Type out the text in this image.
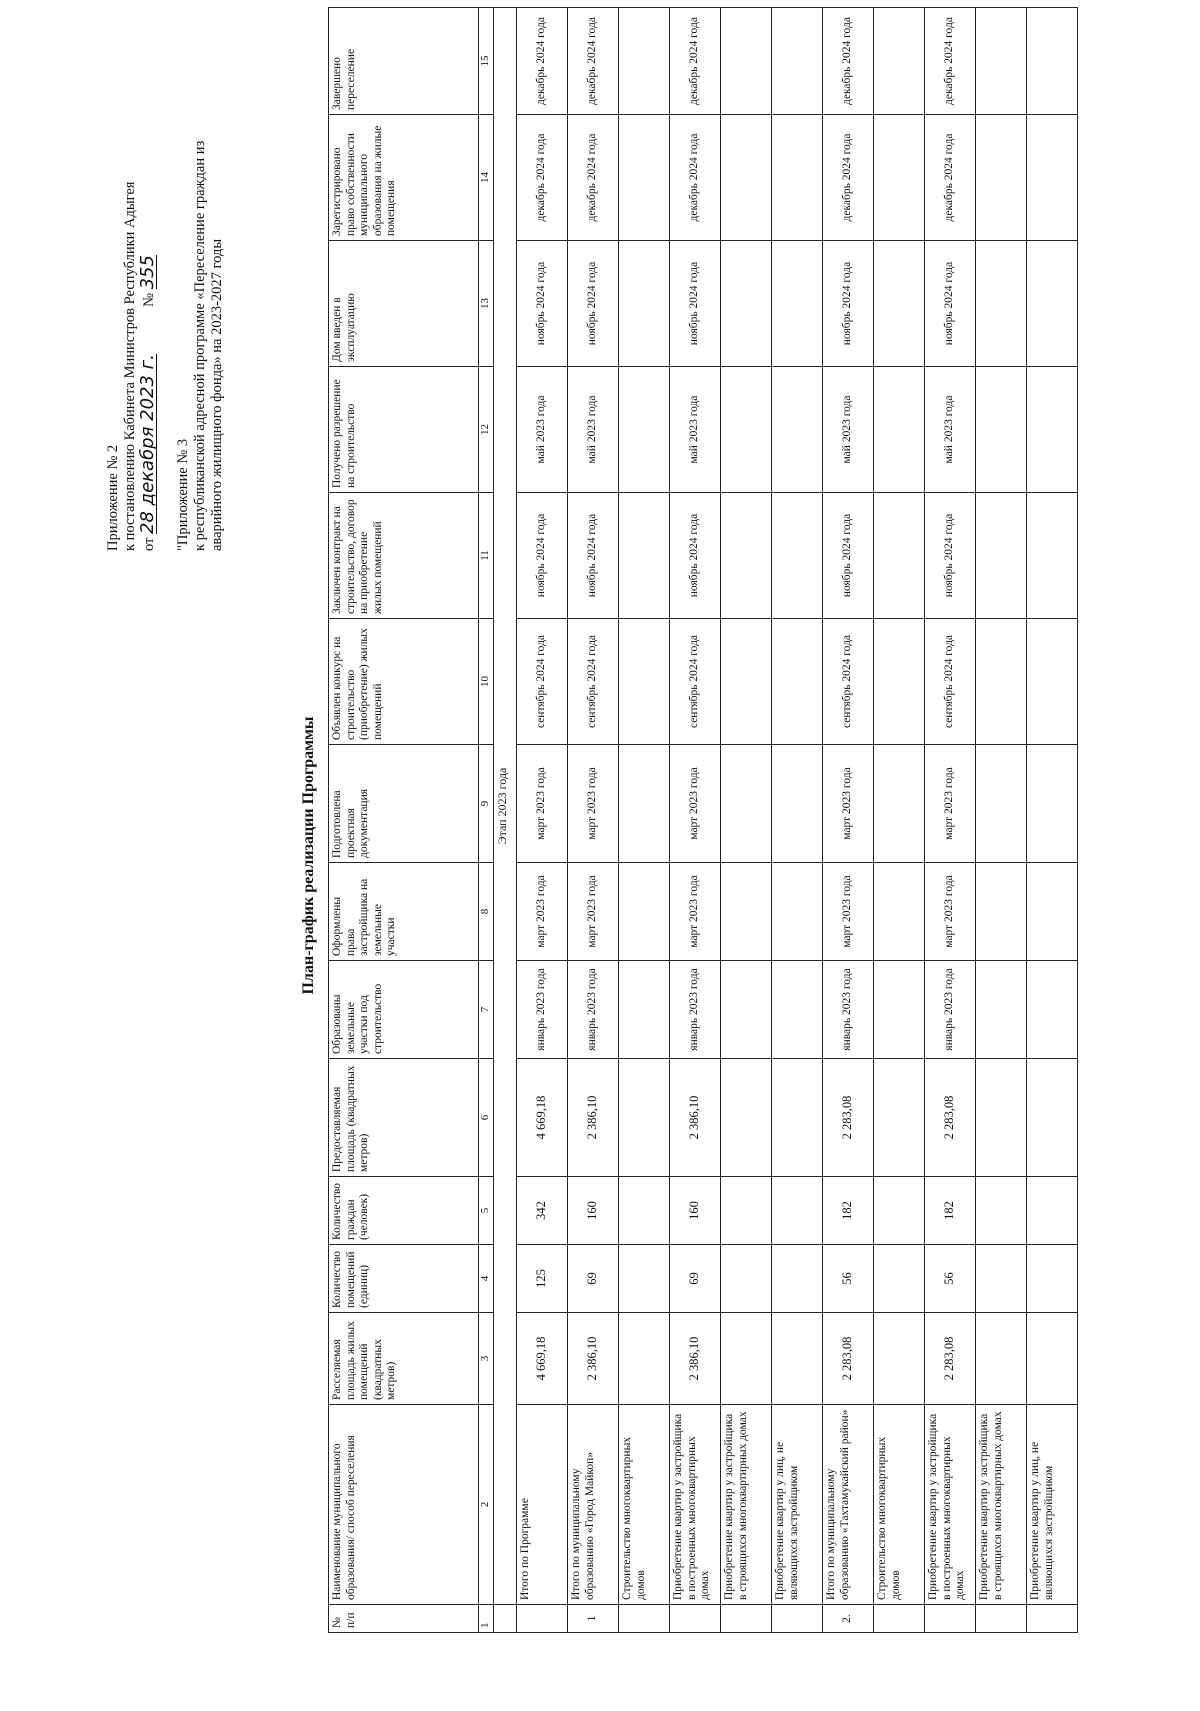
Приложение № 2 к постановлению Кабинета Министров Республики Адыгея от 28 декабря 2023 г.  № 355
"Приложение № 3 к республиканской адресной программе «Переселение граждан из аварийного жилищного фонда» на 2023-2027 годы
План-график реализации Программы
№ п/п	Наименование муниципального образования/ способ переселения	Расселяемая площадь жилых помещений (квадратных метров)	Количество помещений (единиц)	Количество граждан (человек)	Предоставляемая площадь (квадратных метров)	Образованы земельные участки под строительство	Оформлены права застройщика на земельные участки	Подготовлена проектная документация	Объявлен конкурс на строительство (приобретение) жилых помещений	Заключен контракт на строительство, договор на приобретение жилых помещений	Получено разрешение на строительство	Дом введен в эксплуатацию	Зарегистрировано право собственности муниципального образования на жилые помещения	Завершено переселение
1	2	3	4	5	6	7	8	9	10	11	12	13	14	15
	Этап 2023 года													
	Итого по Программе	4 669,18	125	342	4 669,18	январь 2023 года	март 2023 года	март 2023 года	сентябрь 2024 года	ноябрь 2024 года	май 2023 года	ноябрь 2024 года	декабрь 2024 года	декабрь 2024 года
1	Итого по муниципальному образованию «Город Майкоп»	2 386,10	69	160	2 386,10	январь 2023 года	март 2023 года	март 2023 года	сентябрь 2024 года	ноябрь 2024 года	май 2023 года	ноябрь 2024 года	декабрь 2024 года	декабрь 2024 года
	Строительство многоквартирных домов													
	Приобретение квартир у застройщика в построенных многоквартирных домах	2 386,10	69	160	2 386,10	январь 2023 года	март 2023 года	март 2023 года	сентябрь 2024 года	ноябрь 2024 года	май 2023 года	ноябрь 2024 года	декабрь 2024 года	декабрь 2024 года
	Приобретение квартир у застройщика в строящихся многоквартирных домах													
	Приобретение квартир у лиц, не являющихся застройщиком													
2.	Итого по муниципальному образованию «Тахтамукайский район»	2 283,08	56	182	2 283,08	январь 2023 года	март 2023 года	март 2023 года	сентябрь 2024 года	ноябрь 2024 года	май 2023 года	ноябрь 2024 года	декабрь 2024 года	декабрь 2024 года
	Строительство многоквартирных домов													
	Приобретение квартир у застройщика в построенных многоквартирных домах	2 283,08	56	182	2 283,08	январь 2023 года	март 2023 года	март 2023 года	сентябрь 2024 года	ноябрь 2024 года	май 2023 года	ноябрь 2024 года	декабрь 2024 года	декабрь 2024 года
	Приобретение квартир у застройщика в строящихся многоквартирных домах													
	Приобретение квартир у лиц, не являющихся застройщиком													
